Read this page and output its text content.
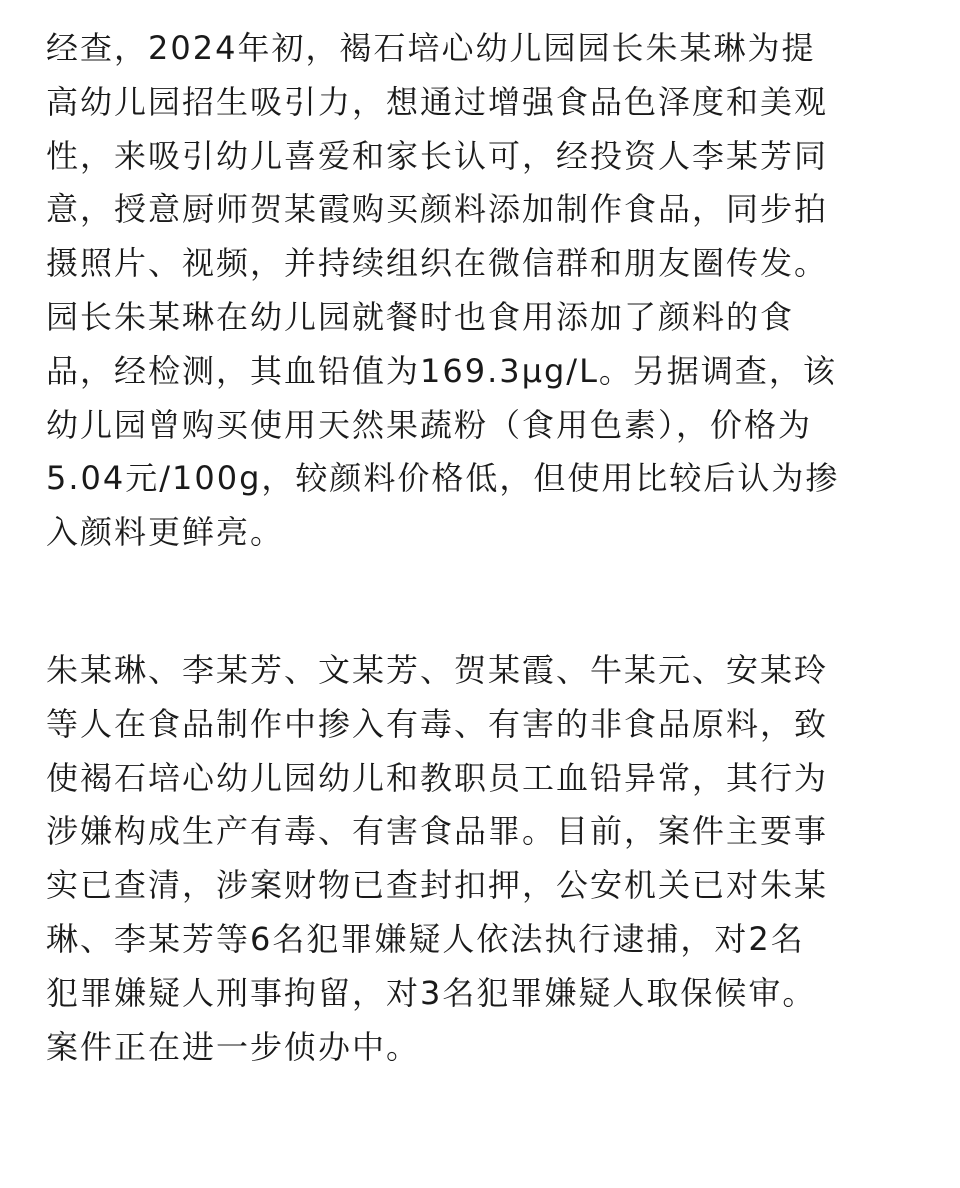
经查，2024年初，褐石培心幼儿园园长朱某琳为提
高幼儿园招生吸引力，想通过增强食品色泽度和美观
性，来吸引幼儿喜爱和家长认可，经投资人李某芳同
意，授意厨师贺某霞购买颜料添加制作食品，同步拍
摄照片、视频，并持续组织在微信群和朋友圈传发。
园长朱某琳在幼儿园就餐时也食用添加了颜料的食
品，经检测，其血铅值为169.3μg/L。另据调查，该
幼儿园曾购买使用天然果蔬粉（食用色素），价格为
5.04元/100g，较颜料价格低，但使用比较后认为掺
入颜料更鲜亮。
朱某琳、李某芳、文某芳、贺某霞、牛某元、安某玲
等人在食品制作中掺入有毒、有害的非食品原料，致
使褐石培心幼儿园幼儿和教职员工血铅异常，其行为
涉嫌构成生产有毒、有害食品罪。目前，案件主要事
实已查清，涉案财物已查封扣押，公安机关已对朱某
琳、李某芳等6名犯罪嫌疑人依法执行逮捕，对2名
犯罪嫌疑人刑事拘留，对3名犯罪嫌疑人取保候审。
案件正在进一步侦办中。
